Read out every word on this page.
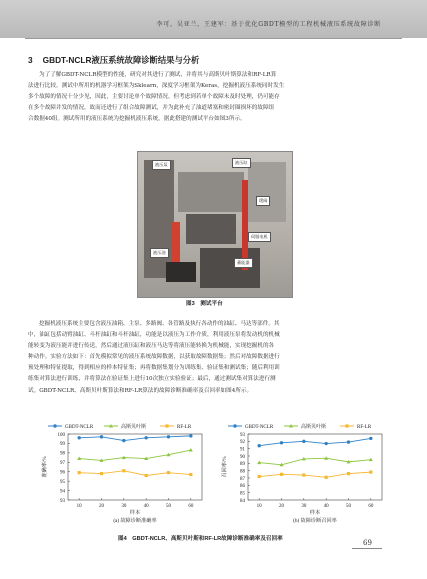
李可，吴亚兰，王建军：基于优化GBDT模型的工程机械液压系统故障诊断
3 GBDT-NCLR液压系统故障诊断结果与分析
为了了解GBDT-NCLR模型的性能，研究对其进行了测试，并将其与高斯贝叶斯算法和RF-LR算
法进行比较。测试中所用的机器学习框架为Sklearn，深度学习框架为Keras，挖掘机液压系统同时发生
多个故障的情况十分少见，因此，主要讨论单个故障情况。但考虑到若单个故障未及时处理，仍可能存
在多个故障并发的情况，故而还进行了组合故障测试，并为此补充了油道堵塞和密封圈损坏的故障组
合数据40组。测试所用的液压系统为挖掘机液压系统，据此搭建的测试平台如图3所示。
液压泵	液压缸
缓阀
伺服电机
液压油
蓄能器
图3　测试平台
挖掘机液压系统主要包含液压油箱、主泵、多路阀、各管路及执行各动作的油缸、马达等部件。其
中，油缸包括动臂油缸、斗杆油缸和斗杆油缸，功能是以液压为工作介质，利用液压泵将发动机的机械
能转变为液压能并进行传送，然后通过液压缸和液压马达等将液压能转换为机械能，实现挖掘机的各
种动作。实验方法如下：首先模拟常见的液压系统故障数据，以获取故障数据集；然后对故障数据进行
预处理和特征提取，得到相应的样本特征集；再将数据集划分为训练集、验证集和测试集；随后利用训
练集对算法进行训练，并将算法在验证集上进行10次独立实验验证；最后，通过测试集对算法进行测
试。GBDT-NCLR、高斯贝叶斯算法和RF-LR算法的故障诊断准确率及召回率如图4所示。
GBDT-NCLR	高斯贝叶斯	RF-LR
93
94
95
96
97
98
99
100
10	20	30	40	50	60
样本
准确率/%
(a) 故障诊断准确率
GBDT-NCLR	高斯贝叶斯	RF-LR
84
85
86
87
88
89
90
91
92
93
10	20	30	40	50	60
样本
召回率/%
(b) 故障诊断召回率
图4　GBDT-NCLR、高斯贝叶斯和RF-LR故障诊断准确率及召回率	69
